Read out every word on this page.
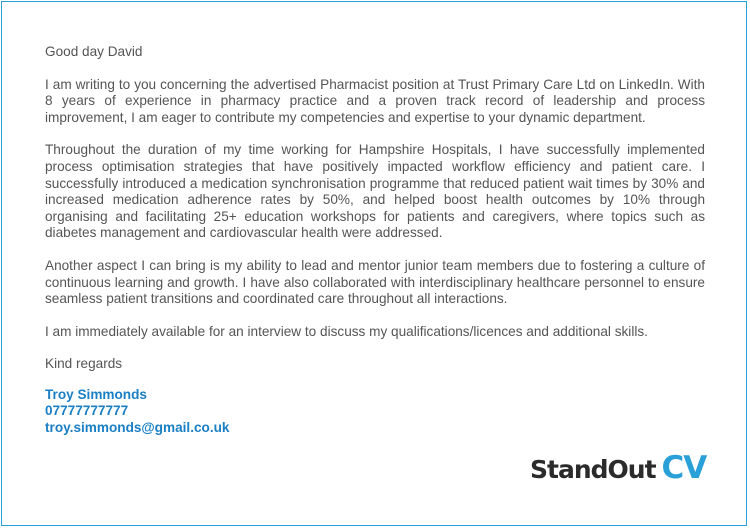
Good day David

I am writing to you concerning the advertised Pharmacist position at Trust Primary Care Ltd on LinkedIn. With 8 years of experience in pharmacy practice and a proven track record of leadership and process improvement, I am eager to contribute my competencies and expertise to your dynamic department.

Throughout the duration of my time working for Hampshire Hospitals, I have successfully implemented process optimisation strategies that have positively impacted workflow efficiency and patient care. I successfully introduced a medication synchronisation programme that reduced patient wait times by 30% and increased medication adherence rates by 50%, and helped boost health outcomes by 10% through organising and facilitating 25+ education workshops for patients and caregivers, where topics such as diabetes management and cardiovascular health were addressed.

Another aspect I can bring is my ability to lead and mentor junior team members due to fostering a culture of continuous learning and growth. I have also collaborated with interdisciplinary healthcare personnel to ensure seamless patient transitions and coordinated care throughout all interactions.

I am immediately available for an interview to discuss my qualifications/licences and additional skills.

Kind regards

Troy Simmonds
07777777777
troy.simmonds@gmail.co.uk
StandOut CV
